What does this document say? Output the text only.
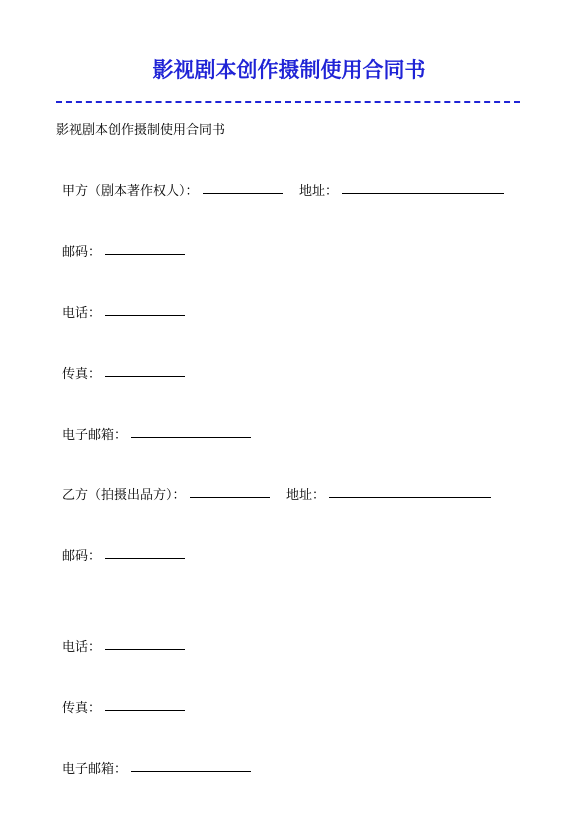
影视剧本创作摄制使用合同书
影视剧本创作摄制使用合同书
甲方（剧本著作权人）：	地址：
邮码：
电话：
传真：
电子邮箱：
乙方（拍摄出品方）：	地址：
邮码：
电话：
传真：
电子邮箱：
